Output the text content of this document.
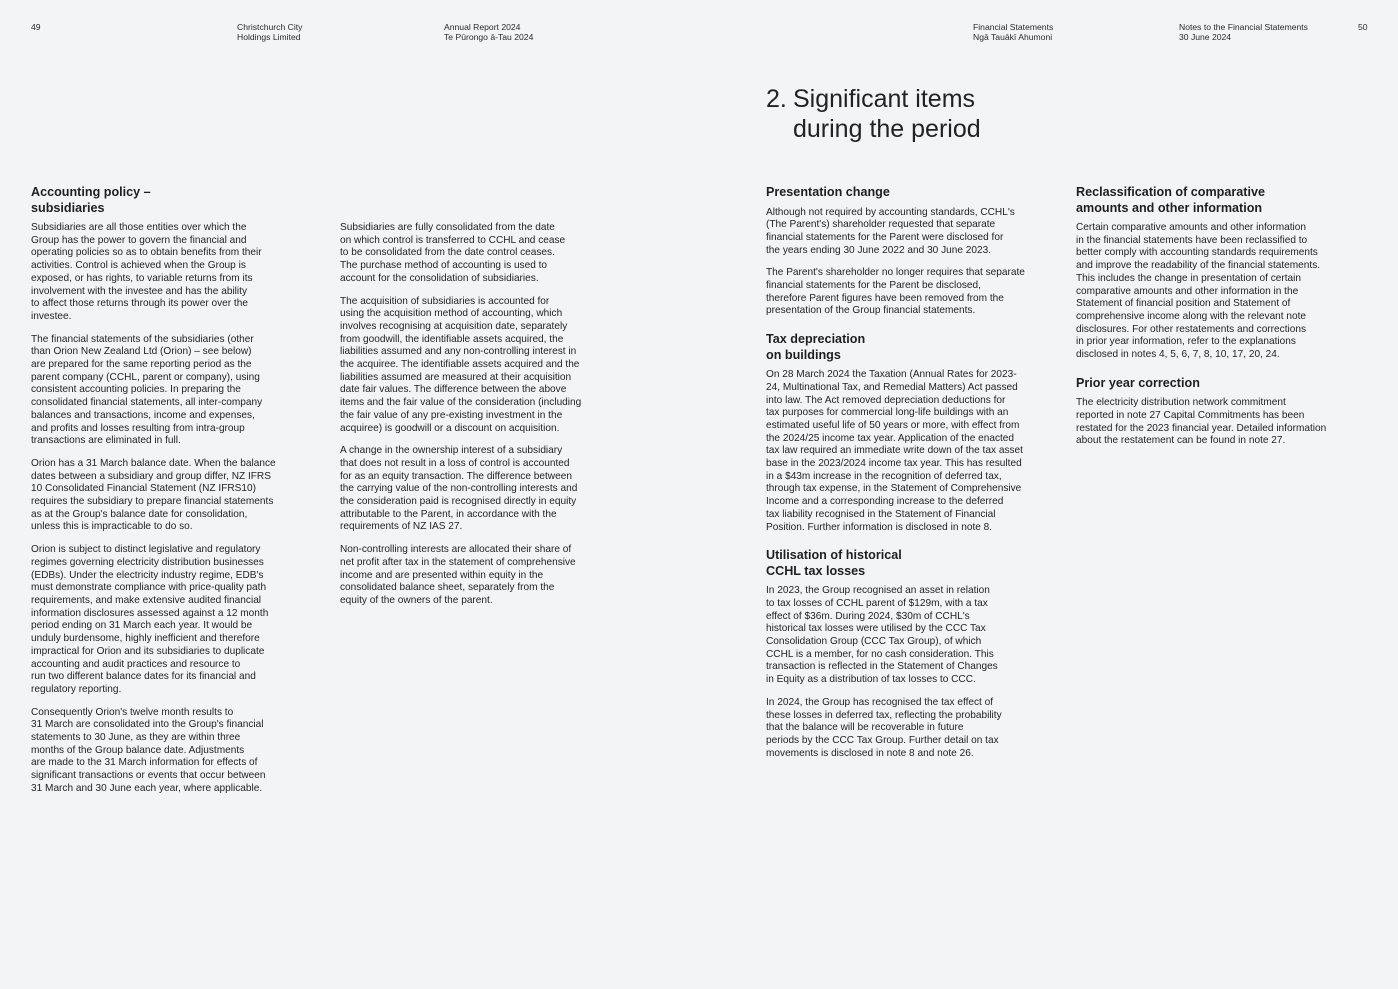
49	Christchurch City
Holdings Limited
Annual Report 2024
Te Pūrongo ā-Tau 2024
Financial Statements
Ngā Tauākī Ahumoni
Notes to the Financial Statements
30 June 2024
50
2. Significant items
during the period
Accounting policy –
subsidiaries

Subsidiaries are all those entities over which the
Group has the power to govern the financial and
operating policies so as to obtain benefits from their
activities. Control is achieved when the Group is
exposed, or has rights, to variable returns from its
involvement with the investee and has the ability
to affect those returns through its power over the
investee.

The financial statements of the subsidiaries (other
than Orion New Zealand Ltd (Orion) – see below)
are prepared for the same reporting period as the
parent company (CCHL, parent or company), using
consistent accounting policies. In preparing the
consolidated financial statements, all inter-company
balances and transactions, income and expenses,
and profits and losses resulting from intra-group
transactions are eliminated in full.

Orion has a 31 March balance date. When the balance
dates between a subsidiary and group differ, NZ IFRS
10 Consolidated Financial Statement (NZ IFRS10)
requires the subsidiary to prepare financial statements
as at the Group's balance date for consolidation,
unless this is impracticable to do so.

Orion is subject to distinct legislative and regulatory
regimes governing electricity distribution businesses
(EDBs). Under the electricity industry regime, EDB's
must demonstrate compliance with price-quality path
requirements, and make extensive audited financial
information disclosures assessed against a 12 month
period ending on 31 March each year. It would be
unduly burdensome, highly inefficient and therefore
impractical for Orion and its subsidiaries to duplicate
accounting and audit practices and resource to
run two different balance dates for its financial and
regulatory reporting.

Consequently Orion's twelve month results to
31 March are consolidated into the Group's financial
statements to 30 June, as they are within three
months of the Group balance date. Adjustments
are made to the 31 March information for effects of
significant transactions or events that occur between
31 March and 30 June each year, where applicable.

Subsidiaries are fully consolidated from the date
on which control is transferred to CCHL and cease
to be consolidated from the date control ceases.
The purchase method of accounting is used to
account for the consolidation of subsidiaries.

The acquisition of subsidiaries is accounted for
using the acquisition method of accounting, which
involves recognising at acquisition date, separately
from goodwill, the identifiable assets acquired, the
liabilities assumed and any non-controlling interest in
the acquiree. The identifiable assets acquired and the
liabilities assumed are measured at their acquisition
date fair values. The difference between the above
items and the fair value of the consideration (including
the fair value of any pre-existing investment in the
acquiree) is goodwill or a discount on acquisition.

A change in the ownership interest of a subsidiary
that does not result in a loss of control is accounted
for as an equity transaction. The difference between
the carrying value of the non-controlling interests and
the consideration paid is recognised directly in equity
attributable to the Parent, in accordance with the
requirements of NZ IAS 27.

Non-controlling interests are allocated their share of
net profit after tax in the statement of comprehensive
income and are presented within equity in the
consolidated balance sheet, separately from the
equity of the owners of the parent.

Presentation change

Although not required by accounting standards, CCHL's
(The Parent's) shareholder requested that separate
financial statements for the Parent were disclosed for
the years ending 30 June 2022 and 30 June 2023.

The Parent's shareholder no longer requires that separate
financial statements for the Parent be disclosed,
therefore Parent figures have been removed from the
presentation of the Group financial statements.

Tax depreciation
on buildings

On 28 March 2024 the Taxation (Annual Rates for 2023-
24, Multinational Tax, and Remedial Matters) Act passed
into law. The Act removed depreciation deductions for
tax purposes for commercial long-life buildings with an
estimated useful life of 50 years or more, with effect from
the 2024/25 income tax year. Application of the enacted
tax law required an immediate write down of the tax asset
base in the 2023/2024 income tax year. This has resulted
in a $43m increase in the recognition of deferred tax,
through tax expense, in the Statement of Comprehensive
Income and a corresponding increase to the deferred
tax liability recognised in the Statement of Financial
Position. Further information is disclosed in note 8.

Utilisation of historical
CCHL tax losses

In 2023, the Group recognised an asset in relation
to tax losses of CCHL parent of $129m, with a tax
effect of $36m. During 2024, $30m of CCHL's
historical tax losses were utilised by the CCC Tax
Consolidation Group (CCC Tax Group), of which
CCHL is a member, for no cash consideration. This
transaction is reflected in the Statement of Changes
in Equity as a distribution of tax losses to CCC.

In 2024, the Group has recognised the tax effect of
these losses in deferred tax, reflecting the probability
that the balance will be recoverable in future
periods by the CCC Tax Group. Further detail on tax
movements is disclosed in note 8 and note 26.

Reclassification of comparative
amounts and other information

Certain comparative amounts and other information
in the financial statements have been reclassified to
better comply with accounting standards requirements
and improve the readability of the financial statements.
This includes the change in presentation of certain
comparative amounts and other information in the
Statement of financial position and Statement of
comprehensive income along with the relevant note
disclosures. For other restatements and corrections
in prior year information, refer to the explanations
disclosed in notes 4, 5, 6, 7, 8, 10, 17, 20, 24.

Prior year correction

The electricity distribution network commitment
reported in note 27 Capital Commitments has been
restated for the 2023 financial year. Detailed information
about the restatement can be found in note 27.
